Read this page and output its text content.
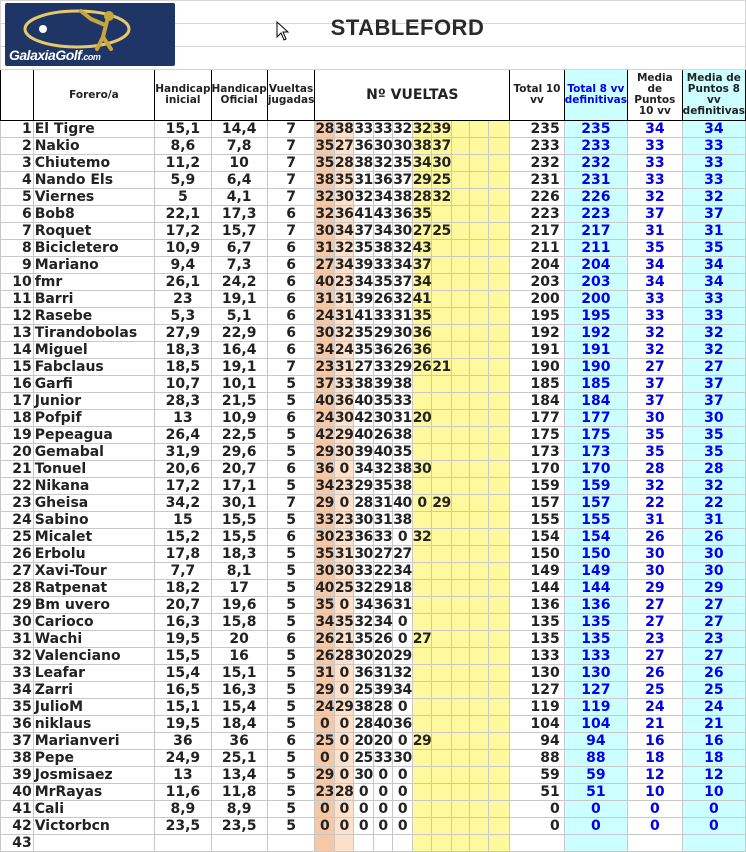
	Forero/a	Handicap inicial	Handicap Oficial	Vueltas jugadas	Nº VUELTAS										Total 10 vv	Total 8 vv definitivas	Media de Puntos 10 vv	Media de Puntos 8 vv definitivas
1	El Tigre	15,1	14,4	7	28	38	33	33	32	32	39				235	235	34	34
2	Nakio	8,6	7,8	7	35	27	36	30	30	38	37				233	233	33	33
3	Chiutemo	11,2	10	7	35	28	38	32	35	34	30				232	232	33	33
4	Nando Els	5,9	6,4	7	38	35	31	36	37	29	25				231	231	33	33
5	Viernes	5	4,1	7	32	30	32	34	38	28	32				226	226	32	32
6	Bob8	22,1	17,3	6	32	36	41	43	36	35					223	223	37	37
7	Roquet	17,2	15,7	7	30	34	37	34	30	27	25				217	217	31	31
8	Bicicletero	10,9	6,7	6	31	32	35	38	32	43					211	211	35	35
9	Mariano	9,4	7,3	6	27	34	39	33	34	37					204	204	34	34
10	fmr	26,1	24,2	6	40	23	34	35	37	34					203	203	34	34
11	Barri	23	19,1	6	31	31	39	26	32	41					200	200	33	33
12	Rasebe	5,3	5,1	6	24	31	41	33	31	35					195	195	33	33
13	Tirandobolas	27,9	22,9	6	30	32	35	29	30	36					192	192	32	32
14	Miguel	18,3	16,4	6	34	24	35	36	26	36					191	191	32	32
15	Fabclaus	18,5	19,1	7	23	31	27	33	29	26	21				190	190	27	27
16	Garfi	10,7	10,1	5	37	33	38	39	38						185	185	37	37
17	Junior	28,3	21,5	5	40	36	40	35	33						184	184	37	37
18	Pofpif	13	10,9	6	24	30	42	30	31	20					177	177	30	30
19	Pepeagua	26,4	22,5	5	42	29	40	26	38						175	175	35	35
20	Gemabal	31,9	29,6	5	29	30	39	40	35						173	173	35	35
21	Tonuel	20,6	20,7	6	36	0	34	32	38	30					170	170	28	28
22	Nikana	17,2	17,1	5	34	23	29	35	38						159	159	32	32
23	Gheisa	34,2	30,1	7	29	0	28	31	40	0	29				157	157	22	22
24	Sabino	15	15,5	5	33	23	30	31	38						155	155	31	31
25	Micalet	15,2	15,5	6	30	23	36	33	0	32					154	154	26	26
26	Erbolu	17,8	18,3	5	35	31	30	27	27						150	150	30	30
27	Xavi-Tour	7,7	8,1	5	30	30	33	22	34						149	149	30	30
28	Ratpenat	18,2	17	5	40	25	32	29	18						144	144	29	29
29	Bm uvero	20,7	19,6	5	35	0	34	36	31						136	136	27	27
30	Carioco	16,3	15,8	5	34	35	32	34	0						135	135	27	27
31	Wachi	19,5	20	6	26	21	35	26	0	27					135	135	23	23
32	Valenciano	15,5	16	5	26	28	30	20	29						133	133	27	27
33	Leafar	15,4	15,1	5	31	0	36	31	32						130	130	26	26
34	Zarri	16,5	16,3	5	29	0	25	39	34						127	127	25	25
35	JulioM	15,1	15,4	5	24	29	38	28	0						119	119	24	24
36	niklaus	19,5	18,4	5	0	0	28	40	36						104	104	21	21
37	Marianveri	36	36	6	25	0	20	20	0	29					94	94	16	16
38	Pepe	24,9	25,1	5	0	0	25	33	30						88	88	18	18
39	Josmisaez	13	13,4	5	29	0	30	0	0						59	59	12	12
40	MrRayas	11,6	11,8	5	23	28	0	0	0						51	51	10	10
41	Cali	8,9	8,9	5	0	0	0	0	0						0	0	0	0
42	Victorbcn	23,5	23,5	5	0	0	0	0	0						0	0	0	0
43																		
GalaxiaGolf.com
STABLEFORD
